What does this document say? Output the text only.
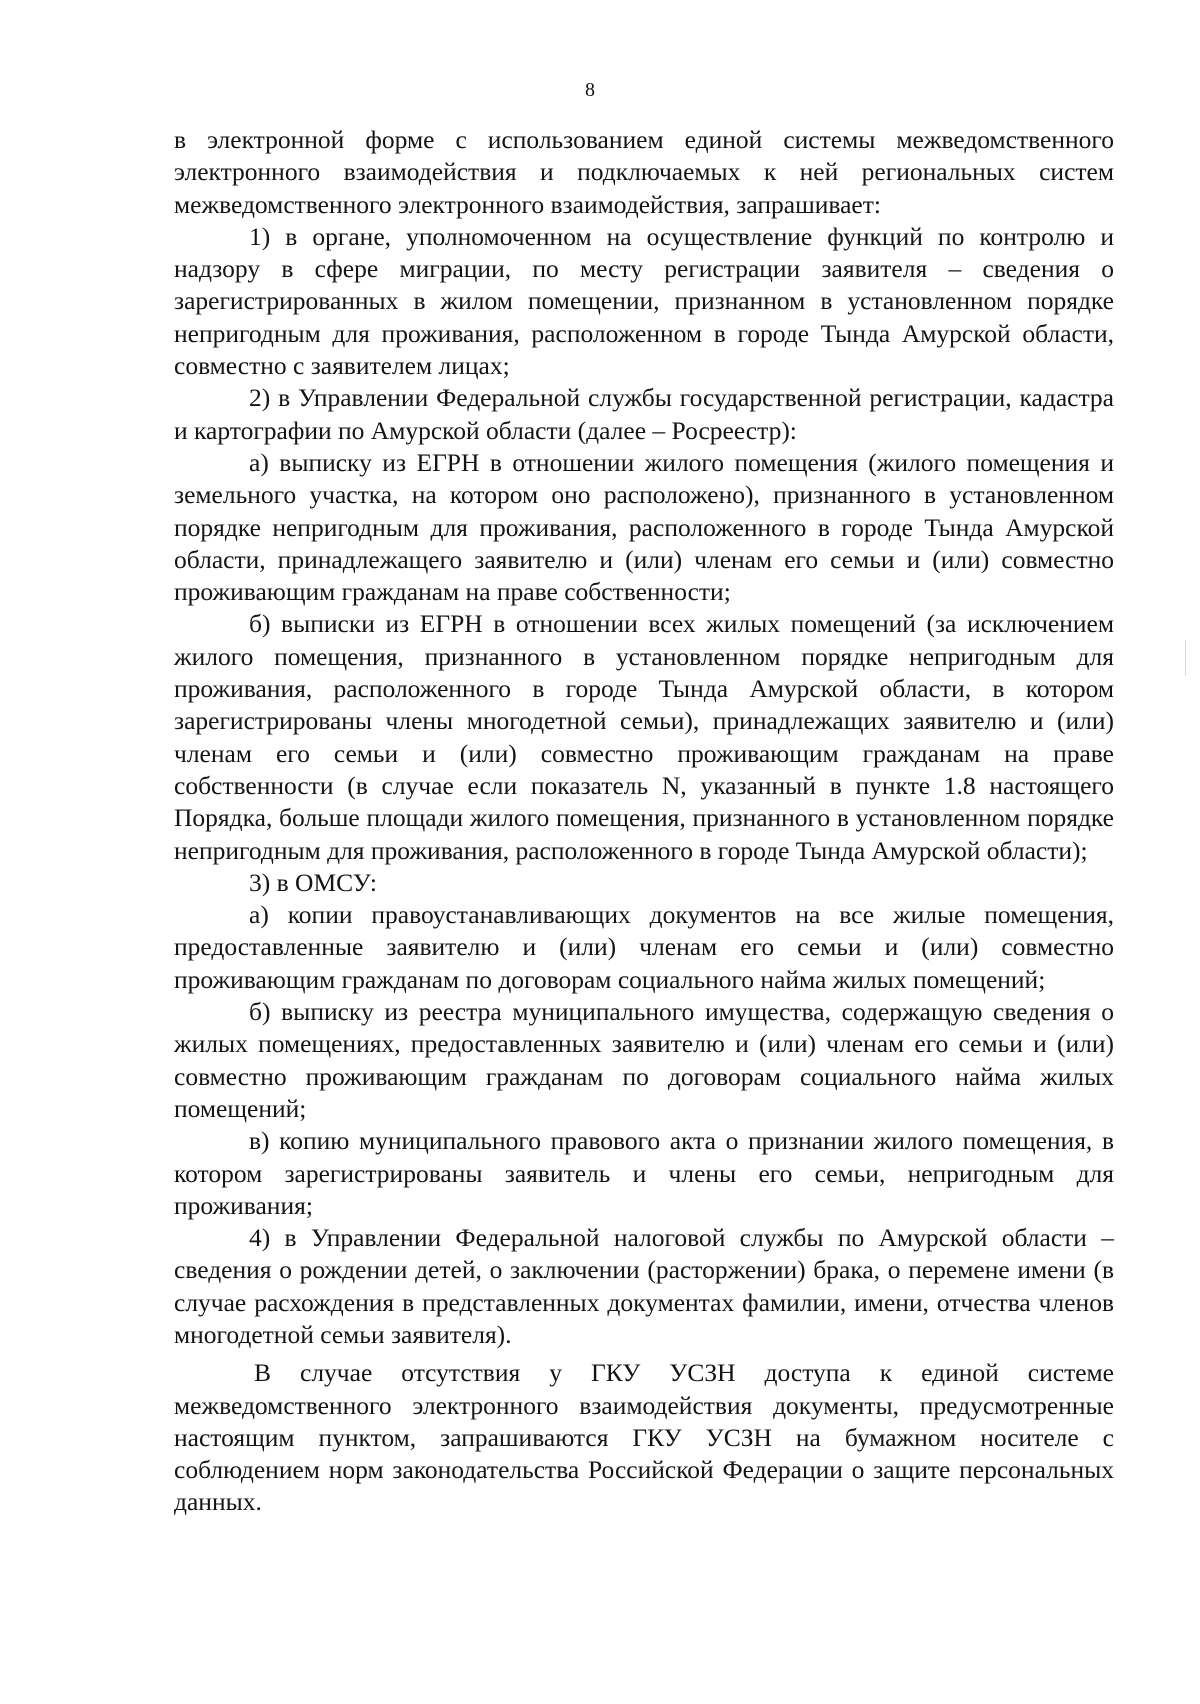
8

в электронной форме с использованием единой системы межведомственного электронного взаимодействия и подключаемых к ней региональных систем межведомственного электронного взаимодействия, запрашивает:

1) в органе, уполномоченном на осуществление функций по контролю и надзору в сфере миграции, по месту регистрации заявителя – сведения о зарегистрированных в жилом помещении, признанном в установленном порядке непригодным для проживания, расположенном в городе Тында Амурской области, совместно с заявителем лицах;

2) в Управлении Федеральной службы государственной регистрации, кадастра и картографии по Амурской области (далее – Росреестр):

а) выписку из ЕГРН в отношении жилого помещения (жилого помещения и земельного участка, на котором оно расположено), признанного в установленном порядке непригодным для проживания, расположенного в городе Тында Амурской области, принадлежащего заявителю и (или) членам его семьи и (или) совместно проживающим гражданам на праве собственности;

б) выписки из ЕГРН в отношении всех жилых помещений (за исключением жилого помещения, признанного в установленном порядке непригодным для проживания, расположенного в городе Тында Амурской области, в котором зарегистрированы члены многодетной семьи), принадлежащих заявителю и (или) членам его семьи и (или) совместно проживающим гражданам на праве собственности (в случае если показатель N, указанный в пункте 1.8 настоящего Порядка, больше площади жилого помещения, признанного в установленном порядке непригодным для проживания, расположенного в городе Тында Амурской области);

3) в ОМСУ:

а) копии правоустанавливающих документов на все жилые помещения, предоставленные заявителю и (или) членам его семьи и (или) совместно проживающим гражданам по договорам социального найма жилых помещений;

б) выписку из реестра муниципального имущества, содержащую сведения о жилых помещениях, предоставленных заявителю и (или) членам его семьи и (или) совместно проживающим гражданам по договорам социального найма жилых помещений;

в) копию муниципального правового акта о признании жилого помещения, в котором зарегистрированы заявитель и члены его семьи, непригодным для проживания;

4) в Управлении Федеральной налоговой службы по Амурской области – сведения о рождении детей, о заключении (расторжении) брака, о перемене имени (в случае расхождения в представленных документах фамилии, имени, отчества членов многодетной семьи заявителя).

В случае отсутствия у ГКУ УСЗН доступа к единой системе межведомственного электронного взаимодействия документы, предусмотренные настоящим пунктом, запрашиваются ГКУ УСЗН на бумажном носителе с соблюдением норм законодательства Российской Федерации о защите персональных данных.
